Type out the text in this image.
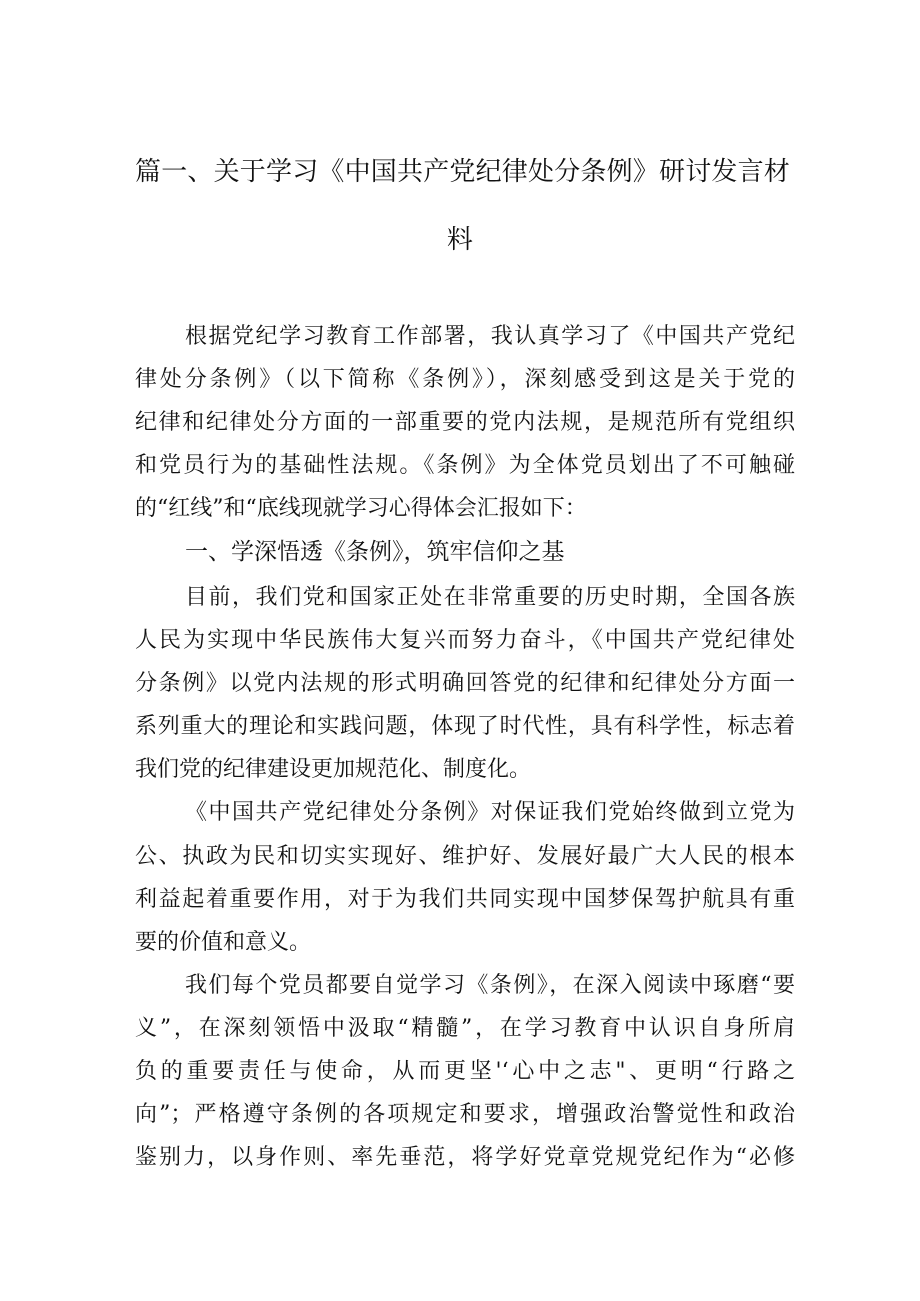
篇一、关于学习《中国共产党纪律处分条例》研讨发言材
料
根据党纪学习教育工作部署，我认真学习了《中国共产党纪
律处分条例》（以下简称《条例》），深刻感受到这是关于党的
纪律和纪律处分方面的一部重要的党内法规，是规范所有党组织
和党员行为的基础性法规。《条例》为全体党员划出了不可触碰
的“红线”和“底线现就学习心得体会汇报如下：
一、学深悟透《条例》，筑牢信仰之基
目前，我们党和国家正处在非常重要的历史时期，全国各族
人民为实现中华民族伟大复兴而努力奋斗，《中国共产党纪律处
分条例》以党内法规的形式明确回答党的纪律和纪律处分方面一
系列重大的理论和实践问题，体现了时代性，具有科学性，标志着
我们党的纪律建设更加规范化、制度化。
《中国共产党纪律处分条例》对保证我们党始终做到立党为
公、执政为民和切实实现好、维护好、发展好最广大人民的根本
利益起着重要作用，对于为我们共同实现中国梦保驾护航具有重
要的价值和意义。
我们每个党员都要自觉学习《条例》，在深入阅读中琢磨“要
义”，在深刻领悟中汲取“精髓”，在学习教育中认识自身所肩
负的重要责任与使命，从而更坚'‘心中之志"、更明“行路之
向”；严格遵守条例的各项规定和要求，增强政治警觉性和政治
鉴别力，以身作则、率先垂范，将学好党章党规党纪作为“必修
